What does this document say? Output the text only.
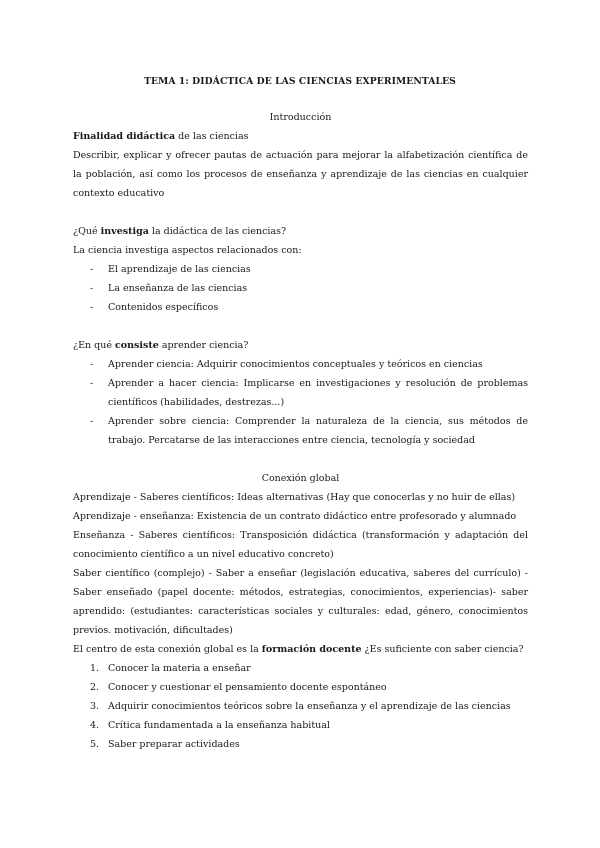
TEMA 1: DIDÁCTICA DE LAS CIENCIAS EXPERIMENTALES
Introducción

Finalidad didáctica de las ciencias

Describir, explicar y ofrecer pautas de actuación para mejorar la alfabetización científica de la población, así como los procesos de enseñanza y aprendizaje de las ciencias en cualquier contexto educativo

¿Qué investiga la didáctica de las ciencias?

La ciencia investiga aspectos relacionados con:

- El aprendizaje de las ciencias
- La enseñanza de las ciencias
- Contenidos específicos

¿En qué consiste aprender ciencia?

- Aprender ciencia: Adquirir conocimientos conceptuales y teóricos en ciencias
- Aprender a hacer ciencia: Implicarse en investigaciones y resolución de problemas científicos (habilidades, destrezas...)
- Aprender sobre ciencia: Comprender la naturaleza de la ciencia, sus métodos de trabajo. Percatarse de las interacciones entre ciencia, tecnología y sociedad
Conexión global

Aprendizaje - Saberes científicos: Ideas alternativas (Hay que conocerlas y no huir de ellas)

Aprendizaje - enseñanza: Existencia de un contrato didáctico entre profesorado y alumnado

Enseñanza - Saberes científicos: Transposición didáctica (transformación y adaptación del conocimiento científico a un nivel educativo concreto)

Saber científico (complejo) - Saber a enseñar (legislación educativa, saberes del currículo) - Saber enseñado (papel docente: métodos, estrategias, conocimientos, experiencias)- saber aprendido: (estudiantes: características sociales y culturales: edad, género, conocimientos previos. motivación, dificultades)

El centro de esta conexión global es la formación docente ¿Es suficiente con saber ciencia?

1. Conocer la materia a enseñar
2. Conocer y cuestionar el pensamiento docente espontáneo
3. Adquirir conocimientos teóricos sobre la enseñanza y el aprendizaje de las ciencias
4. Crítica fundamentada a la enseñanza habitual
5. Saber preparar actividades
